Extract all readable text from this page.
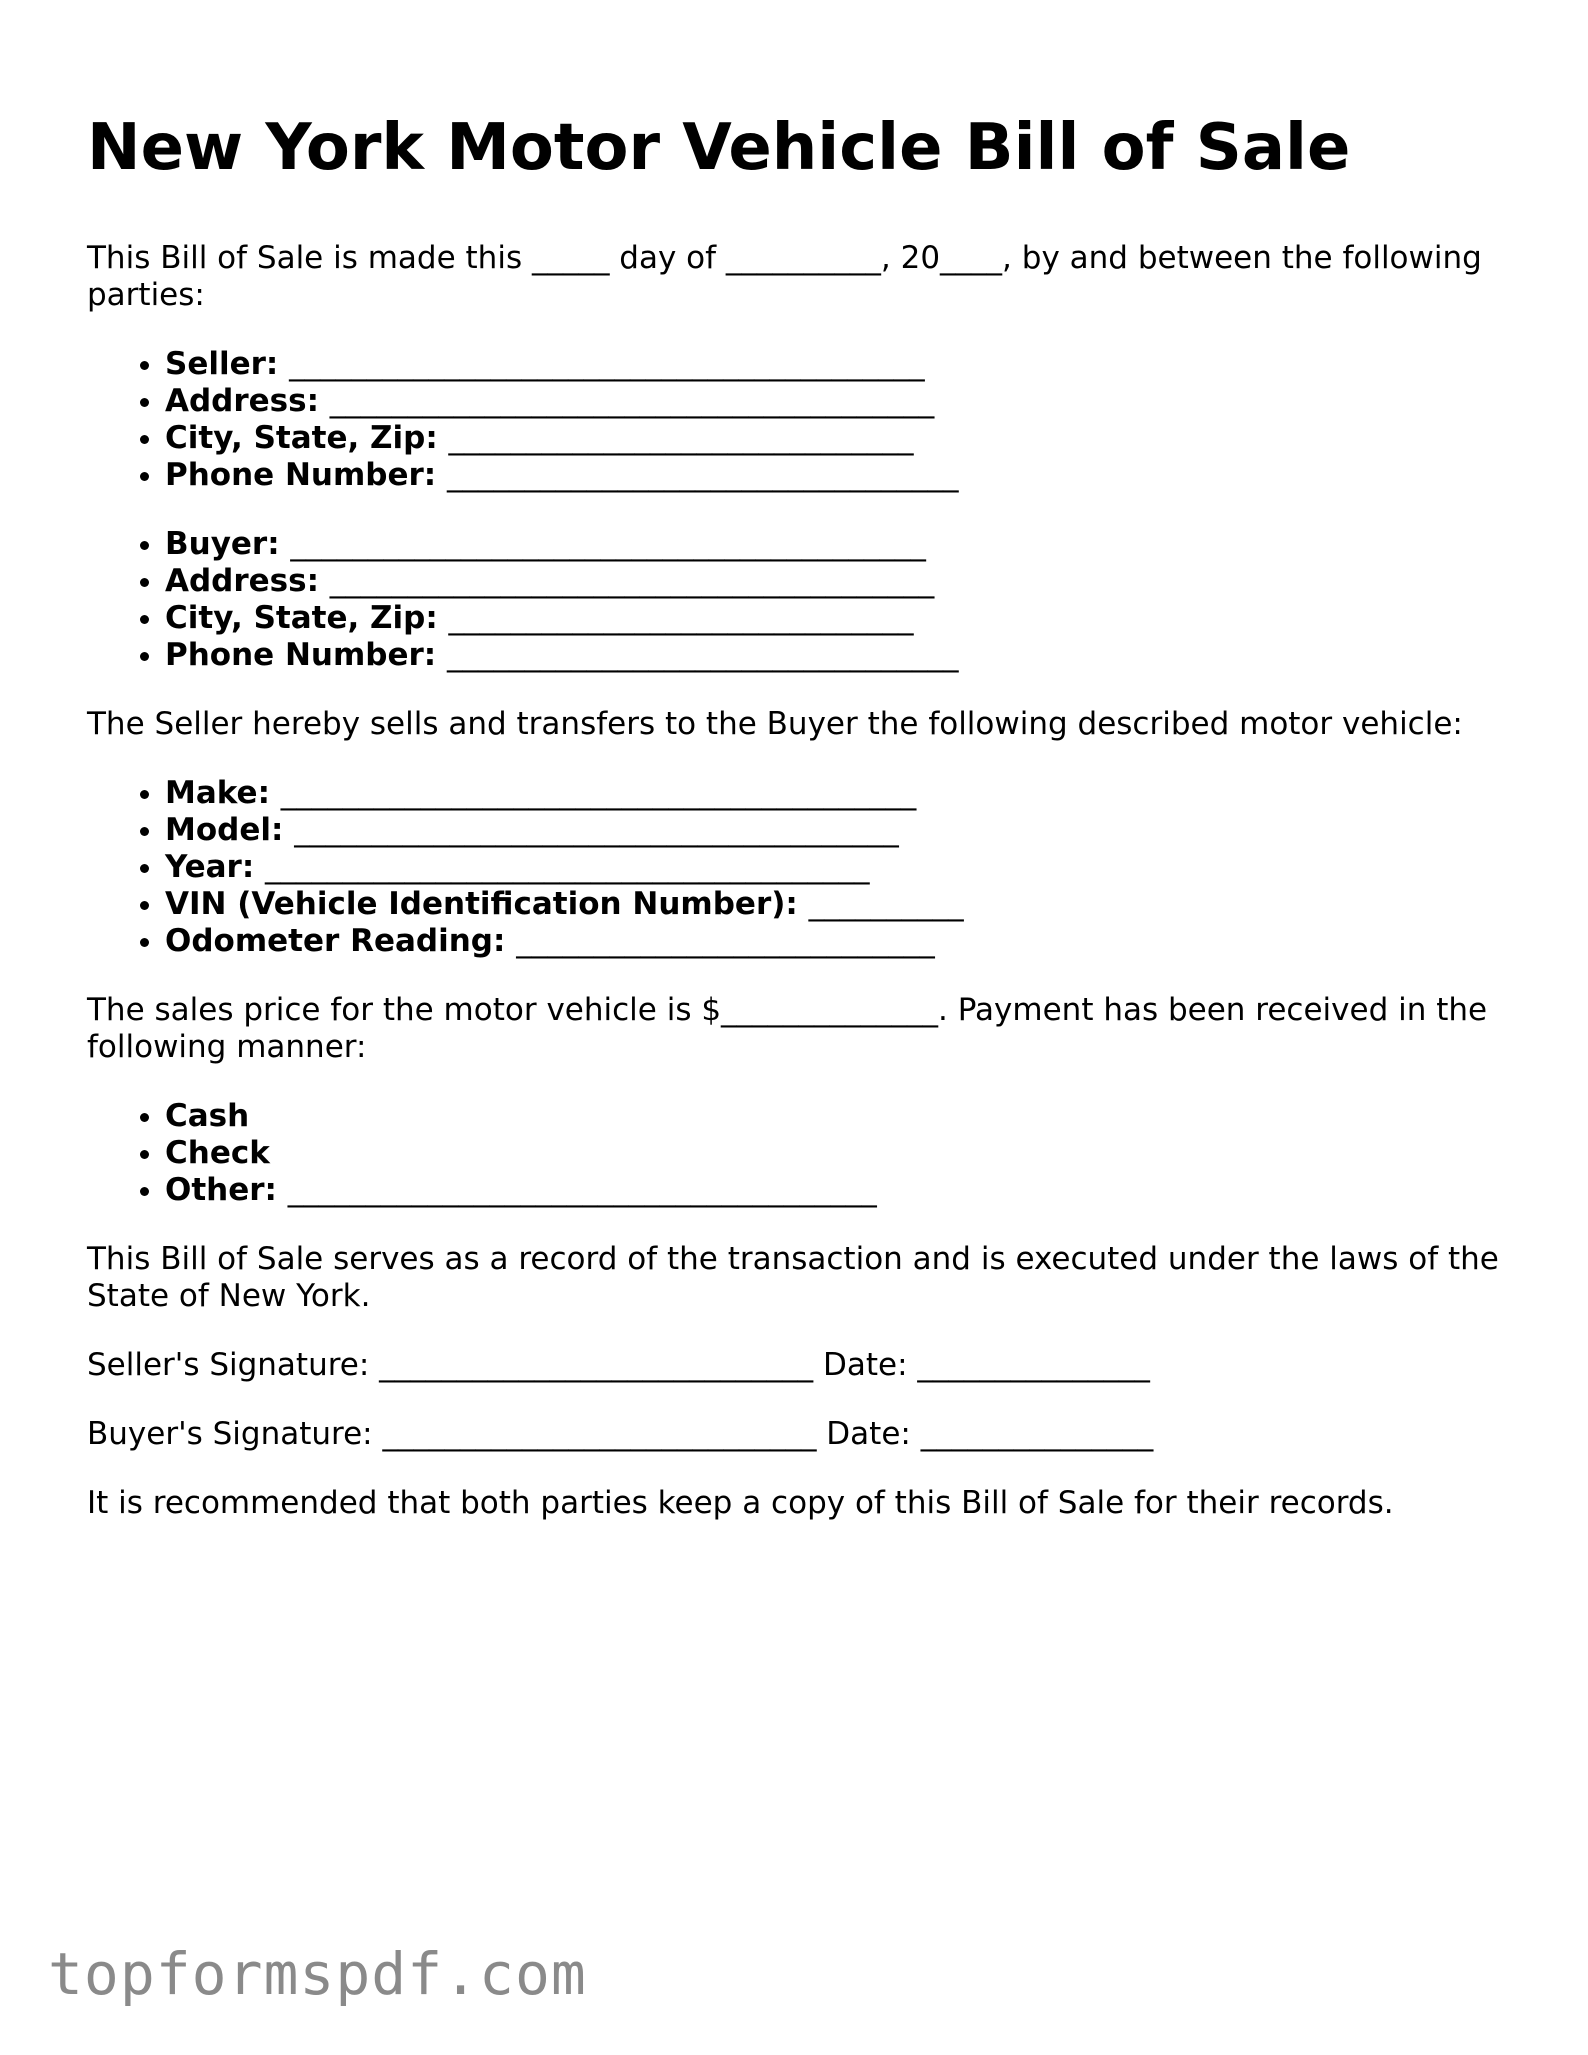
New York Motor Vehicle Bill of Sale

This Bill of Sale is made this _____ day of __________, 20____, by and between the following parties:

• Seller: _________________________________________
• Address: _______________________________________
• City, State, Zip: ______________________________
• Phone Number: _________________________________
• Buyer: _________________________________________
• Address: _______________________________________
• City, State, Zip: ______________________________
• Phone Number: _________________________________

The Seller hereby sells and transfers to the Buyer the following described motor vehicle:

• Make: _________________________________________
• Model: _______________________________________
• Year: _______________________________________
• VIN (Vehicle Identification Number): __________
• Odometer Reading: ___________________________

The sales price for the motor vehicle is $______________. Payment has been received in the following manner:

• Cash
• Check
• Other: ______________________________________

This Bill of Sale serves as a record of the transaction and is executed under the laws of the State of New York.

Seller's Signature: ____________________________ Date: _______________

Buyer's Signature: ____________________________ Date: _______________

It is recommended that both parties keep a copy of this Bill of Sale for their records.

topformspdf.com
